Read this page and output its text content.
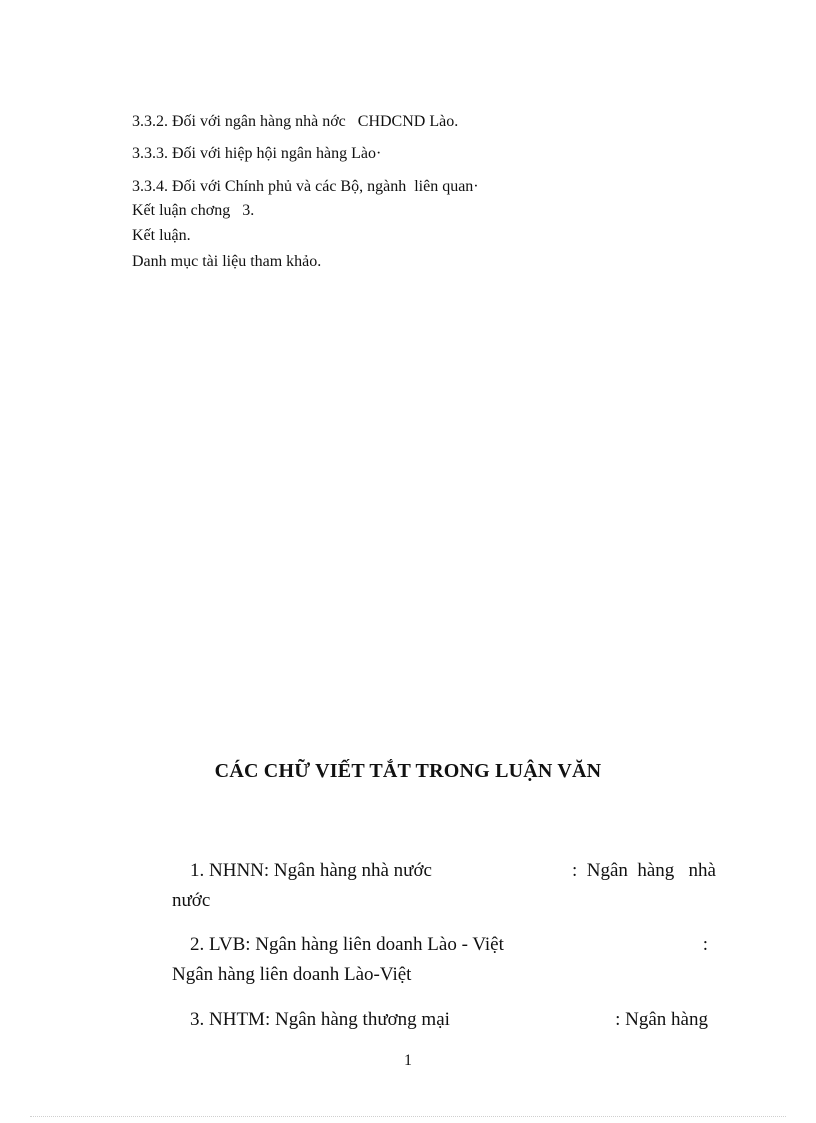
3.3.2. Đối với ngân hàng nhà nớc   CHDCND Lào.
3.3.3. Đối với hiệp hội ngân hàng Lào·
3.3.4. Đối với Chính phủ và các Bộ, ngành  liên quan·
Kết luận chơng   3.
Kết luận.
Danh mục tài liệu tham khảo.
CÁC CHỮ VIẾT TẮT TRONG LUẬN VĂN
1. NHNN: Ngân hàng nhà nước	:  Ngân  hàng   nhà
nước
2. LVB: Ngân hàng liên doanh Lào - Việt	:
Ngân hàng liên doanh Lào-Việt
3. NHTM: Ngân hàng thương mại	: Ngân hàng
1
